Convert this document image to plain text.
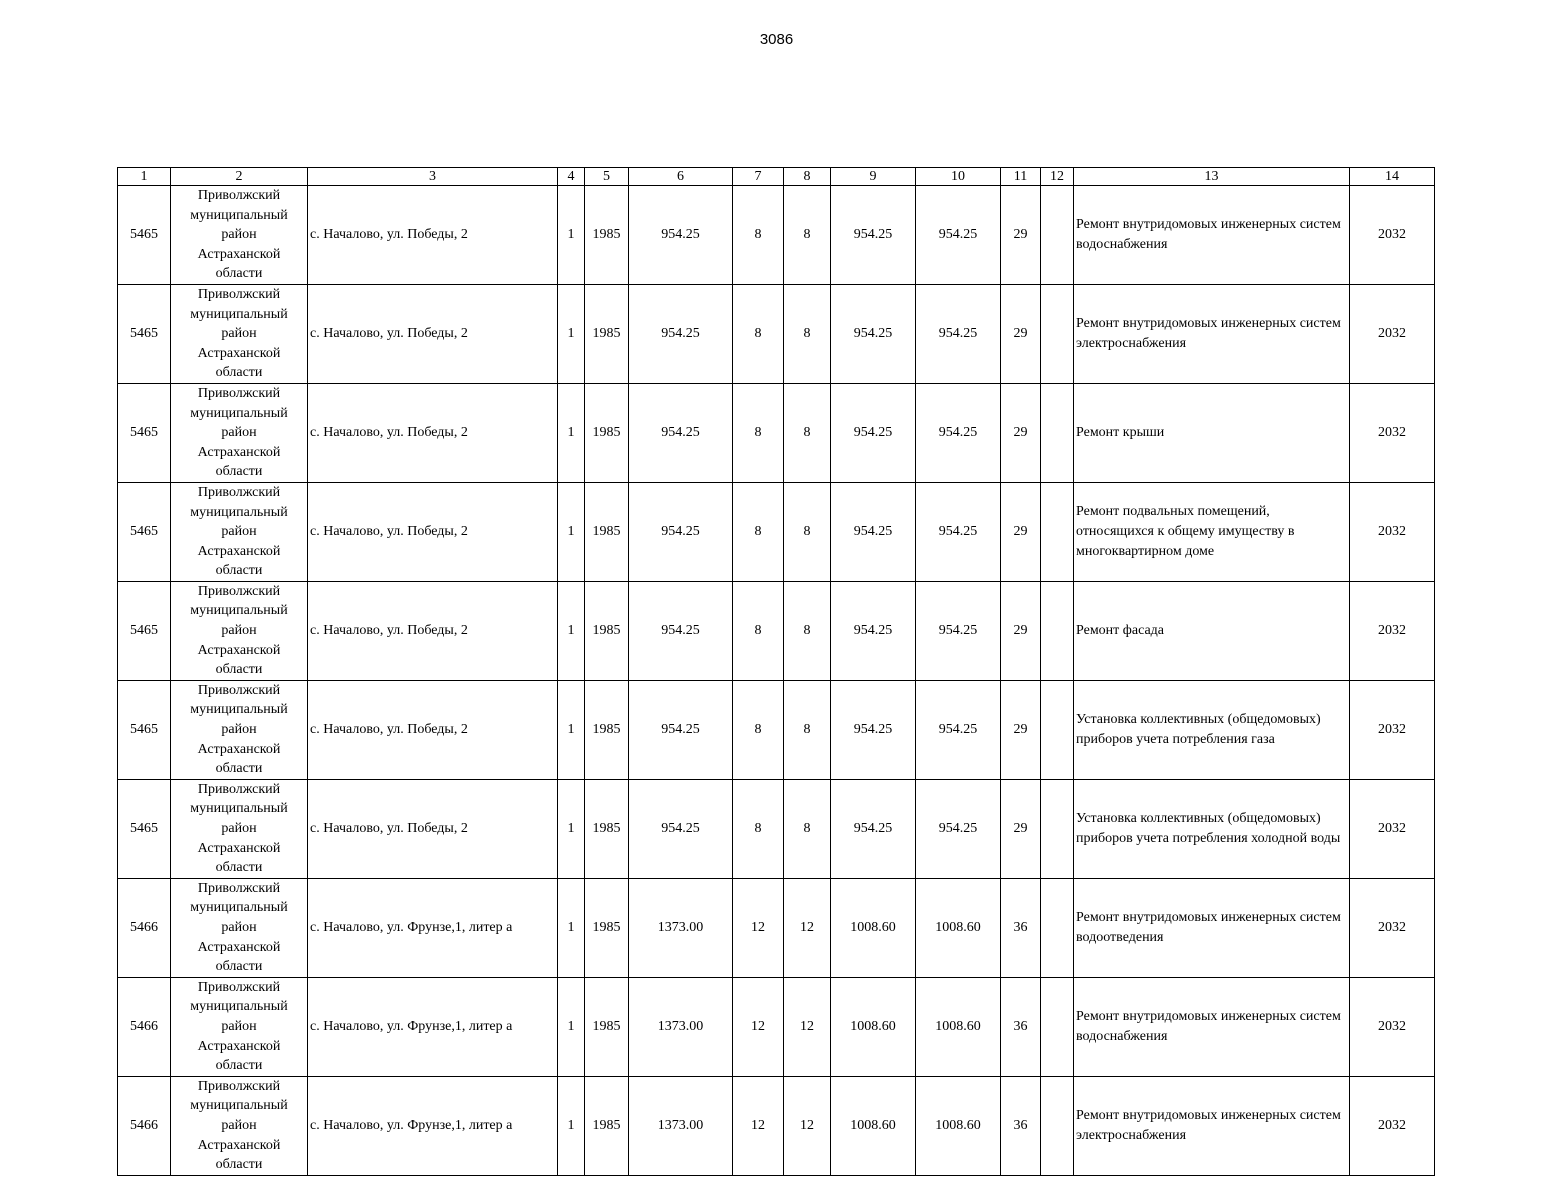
3086
1	2	3	4	5	6	7	8	9	10	11	12	13	14
5465	Приволжский
муниципальный
район
Астраханской
области	с. Началово, ул. Победы, 2	1	1985	954.25	8	8	954.25	954.25	29		Ремонт внутридомовых инженерных систем водоснабжения	2032
5465	Приволжский
муниципальный
район
Астраханской
области	с. Началово, ул. Победы, 2	1	1985	954.25	8	8	954.25	954.25	29		Ремонт внутридомовых инженерных систем электроснабжения	2032
5465	Приволжский
муниципальный
район
Астраханской
области	с. Началово, ул. Победы, 2	1	1985	954.25	8	8	954.25	954.25	29		Ремонт крыши	2032
5465	Приволжский
муниципальный
район
Астраханской
области	с. Началово, ул. Победы, 2	1	1985	954.25	8	8	954.25	954.25	29		Ремонт подвальных помещений, относящихся к общему имуществу в многоквартирном доме	2032
5465	Приволжский
муниципальный
район
Астраханской
области	с. Началово, ул. Победы, 2	1	1985	954.25	8	8	954.25	954.25	29		Ремонт фасада	2032
5465	Приволжский
муниципальный
район
Астраханской
области	с. Началово, ул. Победы, 2	1	1985	954.25	8	8	954.25	954.25	29		Установка коллективных (общедомовых) приборов учета потребления газа	2032
5465	Приволжский
муниципальный
район
Астраханской
области	с. Началово, ул. Победы, 2	1	1985	954.25	8	8	954.25	954.25	29		Установка коллективных (общедомовых) приборов учета потребления холодной воды	2032
5466	Приволжский
муниципальный
район
Астраханской
области	с. Началово, ул. Фрунзе,1, литер а	1	1985	1373.00	12	12	1008.60	1008.60	36		Ремонт внутридомовых инженерных систем водоотведения	2032
5466	Приволжский
муниципальный
район
Астраханской
области	с. Началово, ул. Фрунзе,1, литер а	1	1985	1373.00	12	12	1008.60	1008.60	36		Ремонт внутридомовых инженерных систем водоснабжения	2032
5466	Приволжский
муниципальный
район
Астраханской
области	с. Началово, ул. Фрунзе,1, литер а	1	1985	1373.00	12	12	1008.60	1008.60	36		Ремонт внутридомовых инженерных систем электроснабжения	2032
